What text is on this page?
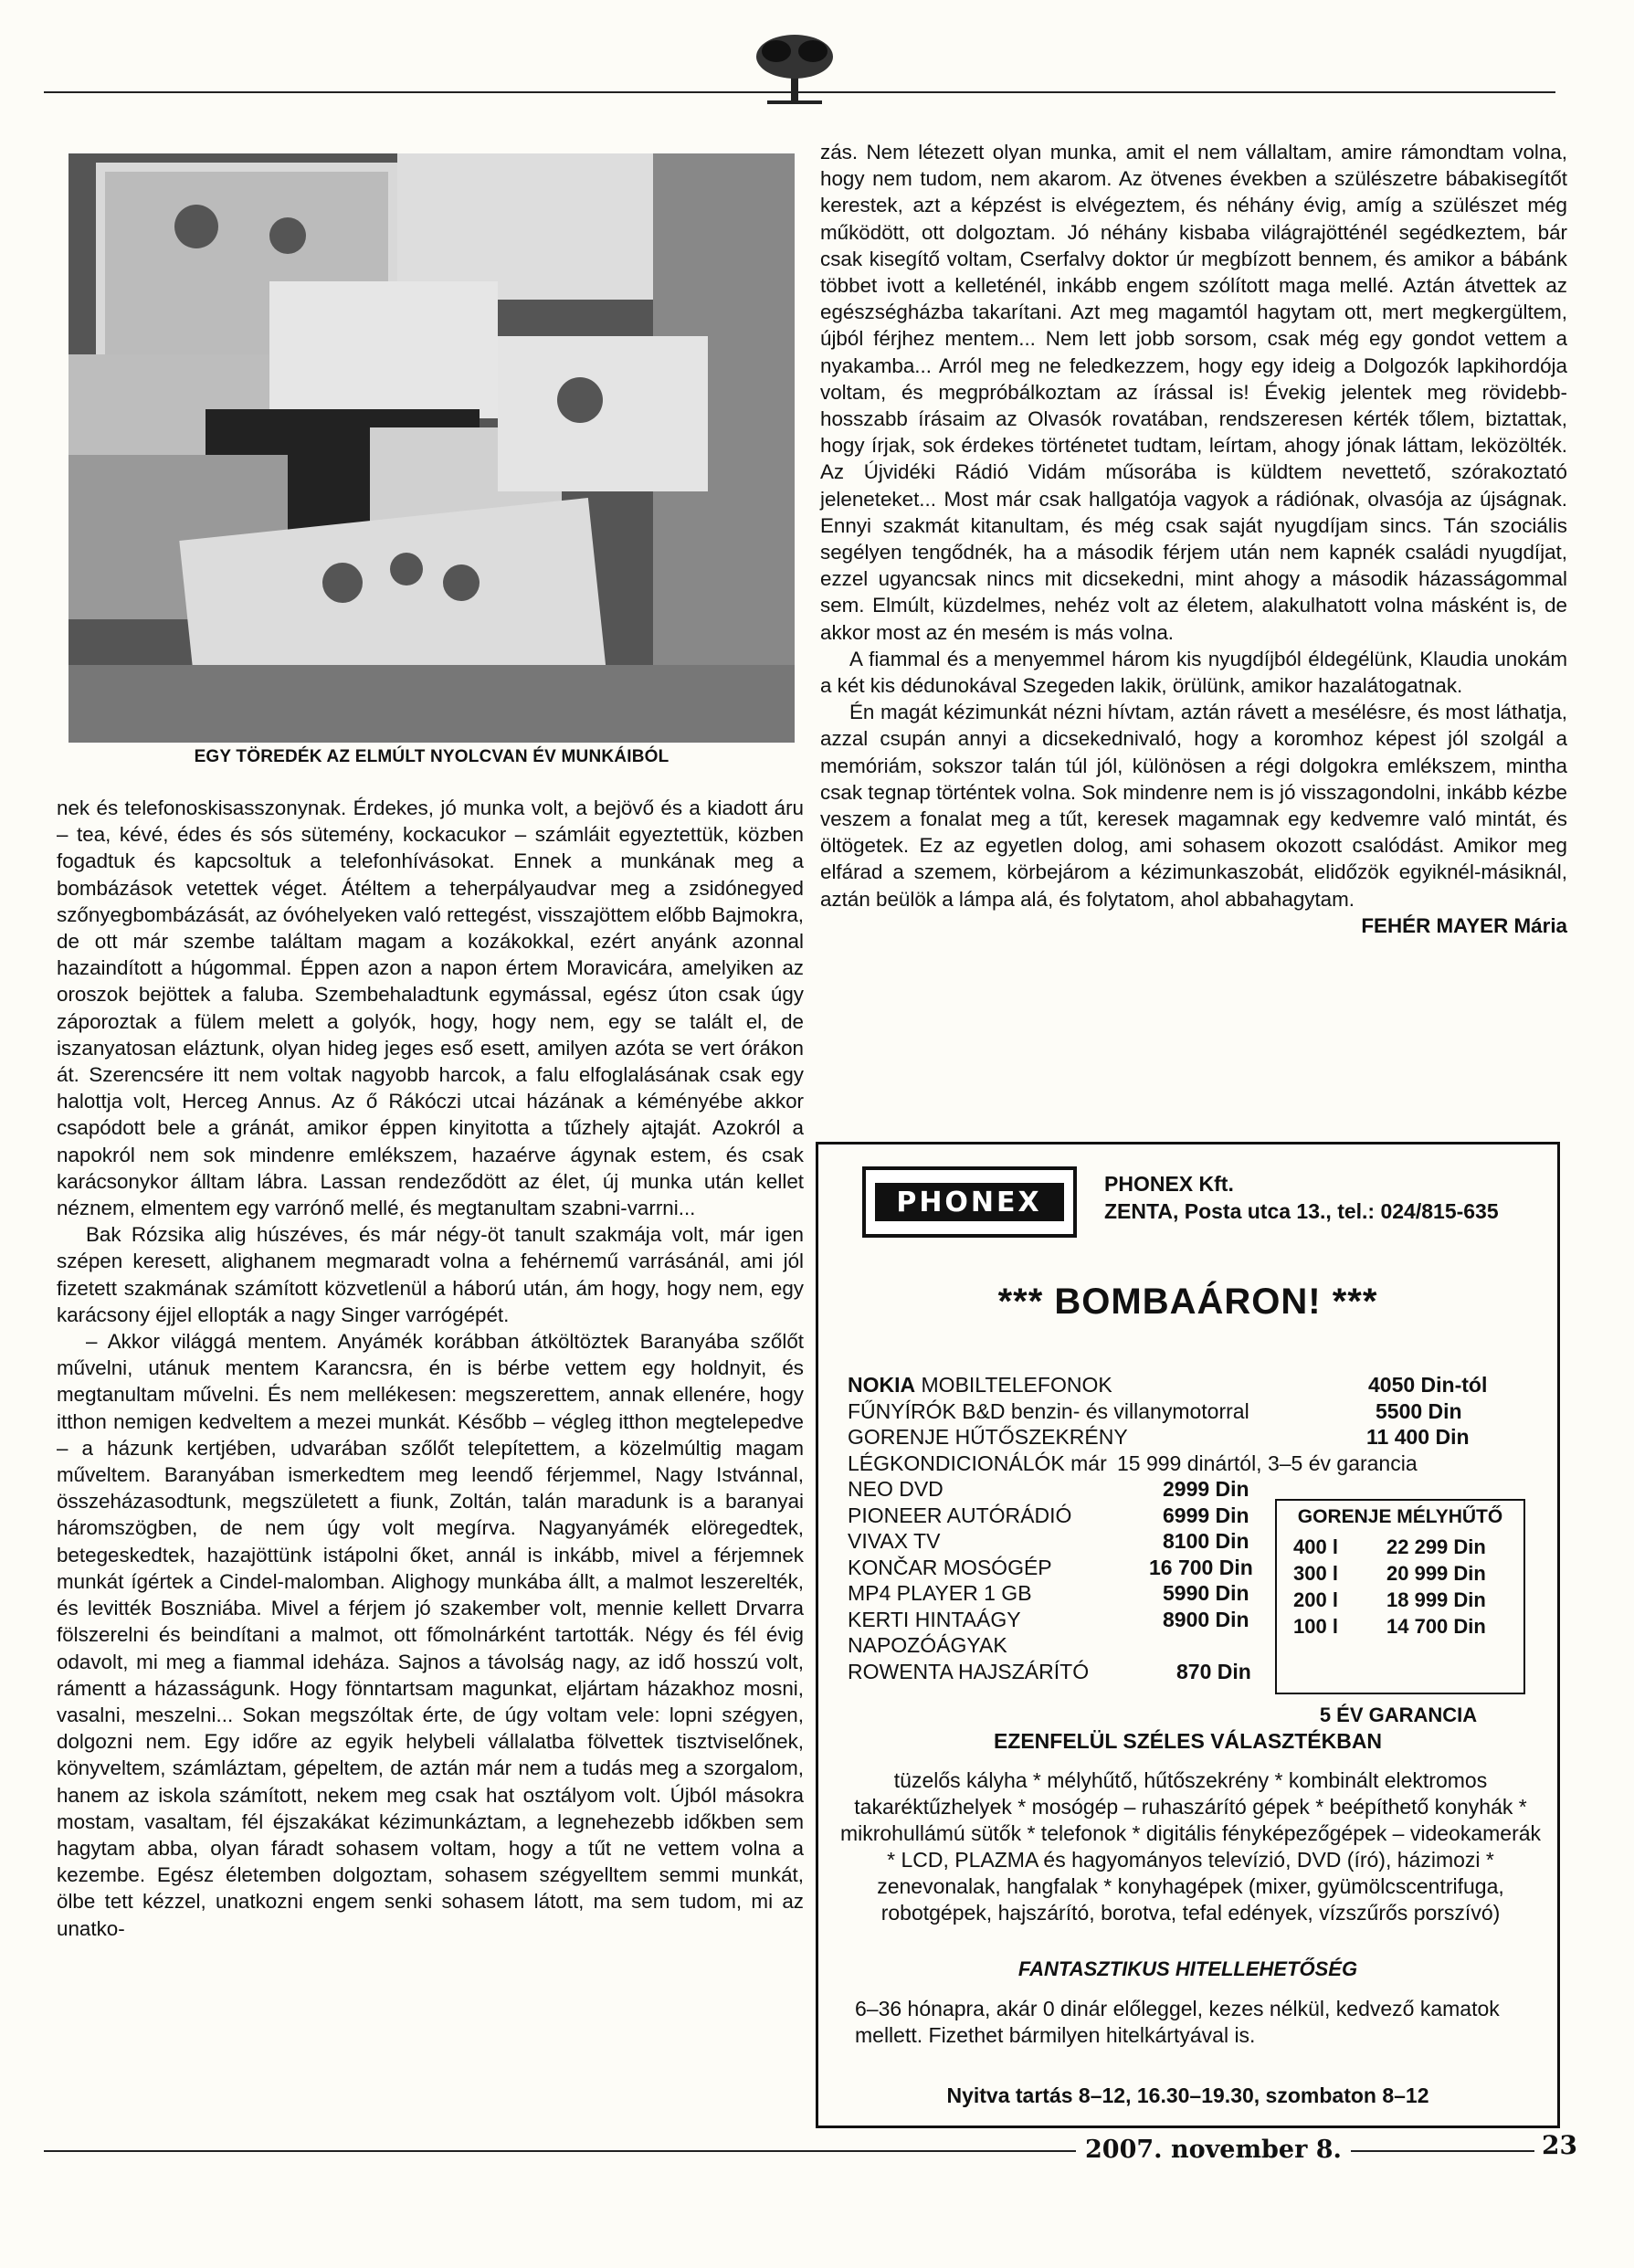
EGY TÖREDÉK AZ ELMÚLT NYOLCVAN ÉV MUNKÁIBÓL

nek és telefonoskisasszonynak. Érdekes, jó munka volt, a bejövő és a kiadott áru – tea, kévé, édes és sós sütemény, kockacukor – számláit egyeztettük, közben fogadtuk és kapcsoltuk a telefonhívásokat. Ennek a munkának meg a bombázások vetettek véget. Átéltem a teherpályaudvar meg a zsidónegyed szőnyegbombázását, az óvóhelyeken való rettegést, visszajöttem előbb Bajmokra, de ott már szembe találtam magam a kozákokkal, ezért anyánk azonnal hazaindított a húgommal. Éppen azon a napon értem Moravicára, amelyiken az oroszok bejöttek a faluba. Szembehaladtunk egymással, egész úton csak úgy záporoztak a fülem melett a golyók, hogy, hogy nem, egy se talált el, de iszanyatosan eláztunk, olyan hideg jeges eső esett, amilyen azóta se vert órákon át. Szerencsére itt nem voltak nagyobb harcok, a falu elfoglalásának csak egy halottja volt, Herceg Annus. Az ő Rákóczi utcai házának a kéményébe akkor csapódott bele a gránát, amikor éppen kinyitotta a tűzhely ajtaját. Azokról a napokról nem sok mindenre emlékszem, hazaérve ágynak estem, és csak karácsonykor álltam lábra. Lassan rendeződött az élet, új munka után kellet néznem, elmentem egy varrónő mellé, és megtanultam szabni-varrni...

Bak Rózsika alig húszéves, és már négy-öt tanult szakmája volt, már igen szépen keresett, alighanem megmaradt volna a fehérnemű varrásánál, ami jól fizetett szakmának számított közvetlenül a háború után, ám hogy, hogy nem, egy karácsony éjjel ellopták a nagy Singer varrógépét.

– Akkor világgá mentem. Anyámék korábban átköltöztek Baranyába szőlőt művelni, utánuk mentem Karancsra, én is bérbe vettem egy holdnyit, és megtanultam művelni. És nem mellékesen: megszerettem, annak ellenére, hogy itthon nemigen kedveltem a mezei munkát. Később – végleg itthon megtelepedve – a házunk kertjében, udvarában szőlőt telepítettem, a közelmúltig magam műveltem. Baranyában ismerkedtem meg leendő férjemmel, Nagy Istvánnal, összeházasodtunk, megszületett a fiunk, Zoltán, talán maradunk is a baranyai háromszögben, de nem úgy volt megírva. Nagyanyámék elöregedtek, betegeskedtek, hazajöttünk istápolni őket, annál is inkább, mivel a férjemnek munkát ígértek a Cindel-malomban. Alighogy munkába állt, a malmot leszerelték, és levitték Boszniába. Mivel a férjem jó szakember volt, mennie kellett Drvarra fölszerelni és beindítani a malmot, ott főmolnárként tartották. Négy és fél évig odavolt, mi meg a fiammal ideháza. Sajnos a távolság nagy, az idő hosszú volt, rámentt a házasságunk. Hogy fönntartsam magunkat, eljártam házakhoz mosni, vasalni, meszelni... Sokan megszóltak érte, de úgy voltam vele: lopni szégyen, dolgozni nem. Egy időre az egyik helybeli vállalatba fölvettek tisztviselőnek, könyveltem, számláztam, gépeltem, de aztán már nem a tudás meg a szorgalom, hanem az iskola számított, nekem meg csak hat osztályom volt. Újból másokra mostam, vasaltam, fél éjszakákat kézimunkáztam, a legnehezebb időkben sem hagytam abba, olyan fáradt sohasem voltam, hogy a tűt ne vettem volna a kezembe. Egész életemben dolgoztam, sohasem szégyelltem semmi munkát, ölbe tett kézzel, unatkozni engem senki sohasem látott, ma sem tudom, mi az unatko-

zás. Nem létezett olyan munka, amit el nem vállaltam, amire rámondtam volna, hogy nem tudom, nem akarom. Az ötvenes években a szülészetre bábakisegítőt kerestek, azt a képzést is elvégeztem, és néhány évig, amíg a szülészet még működött, ott dolgoztam. Jó néhány kisbaba világrajötténél segédkeztem, bár csak kisegítő voltam, Cserfalvy doktor úr megbízott bennem, és amikor a bábánk többet ivott a kelleténél, inkább engem szólított maga mellé. Aztán átvettek az egészségházba takarítani. Azt meg magamtól hagytam ott, mert megkergültem, újból férjhez mentem... Nem lett jobb sorsom, csak még egy gondot vettem a nyakamba... Arról meg ne feledkezzem, hogy egy ideig a Dolgozók lapkihordója voltam, és megpróbálkoztam az írással is! Évekig jelentek meg rövidebb-hosszabb írásaim az Olvasók rovatában, rendszeresen kérték tőlem, biztattak, hogy írjak, sok érdekes történetet tudtam, leírtam, ahogy jónak láttam, leközölték. Az Újvidéki Rádió Vidám műsorába is küldtem nevettető, szórakoztató jeleneteket... Most már csak hallgatója vagyok a rádiónak, olvasója az újságnak. Ennyi szakmát kitanultam, és még csak saját nyugdíjam sincs. Tán szociális segélyen tengődnék, ha a második férjem után nem kapnék családi nyugdíjat, ezzel ugyancsak nincs mit dicsekedni, mint ahogy a második házasságommal sem. Elmúlt, küzdelmes, nehéz volt az életem, alakulhatott volna másként is, de akkor most az én mesém is más volna.

A fiammal és a menyemmel három kis nyugdíjból éldegélünk, Klaudia unokám a két kis dédunokával Szegeden lakik, örülünk, amikor hazalátogatnak.

Én magát kézimunkát nézni hívtam, aztán rávett a mesélésre, és most láthatja, azzal csupán annyi a dicsekednivaló, hogy a koromhoz képest jól szolgál a memóriám, sokszor talán túl jól, különösen a régi dolgokra emlékszem, mintha csak tegnap történtek volna. Sok mindenre nem is jó visszagondolni, inkább kézbe veszem a fonalat meg a tűt, keresek magamnak egy kedvemre való mintát, és öltögetek. Ez az egyetlen dolog, ami sohasem okozott csalódást. Amikor meg elfárad a szemem, körbejárom a kézimunkaszobát, elidőzök egyiknél-másiknál, aztán beülök a lámpa alá, és folytatom, ahol abbahagytam.

FEHÉR MAYER Mária

PHONEX
PHONEX Kft.
ZENTA, Posta utca 13., tel.: 024/815-635
*** BOMBAÁRON! ***
NOKIA MOBILTELEFONOK	4050 Din-tól
FŰNYÍRÓK B&D benzin- és villanymotorral	5500 Din
GORENJE HŰTŐSZEKRÉNY	11 400 Din
LÉGKONDICIONÁLÓK már 15 999 dinártól, 3–5 év garancia
NEO DVD	2999 Din
PIONEER AUTÓRÁDIÓ	6999 Din
VIVAX TV	8100 Din
KONČAR MOSÓGÉP	16 700 Din
MP4 PLAYER 1 GB	5990 Din
KERTI HINTAÁGY	8900 Din
NAPOZÓÁGYAK
ROWENTA HAJSZÁRÍTÓ	870 Din
GORENJE MÉLYHŰTŐ
400 l 22 299 Din
300 l 20 999 Din
200 l 18 999 Din
100 l 14 700 Din
5 ÉV GARANCIA
EZENFELÜL SZÉLES VÁLASZTÉKBAN
tüzelős kályha * mélyhűtő, hűtőszekrény * kombinált elektromos takaréktűzhelyek * mosógép – ruhaszárító gépek * beépíthető konyhák * mikrohullámú sütők * telefonok * digitális fényképezőgépek – videokamerák * LCD, PLAZMA és hagyományos televízió, DVD (író), házimozi * zenevonalak, hangfalak * konyhagépek (mixer, gyümölcscentrifuga, robotgépek, hajszárító, borotva, tefal edények, vízszűrős porszívó)
FANTASZTIKUS HITELLEHETŐSÉG
6–36 hónapra, akár 0 dinár előleggel, kezes nélkül, kedvező kamatok mellett. Fizethet bármilyen hitelkártyával is.
Nyitva tartás 8–12, 16.30–19.30, szombaton 8–12
2007. november 8.	23
